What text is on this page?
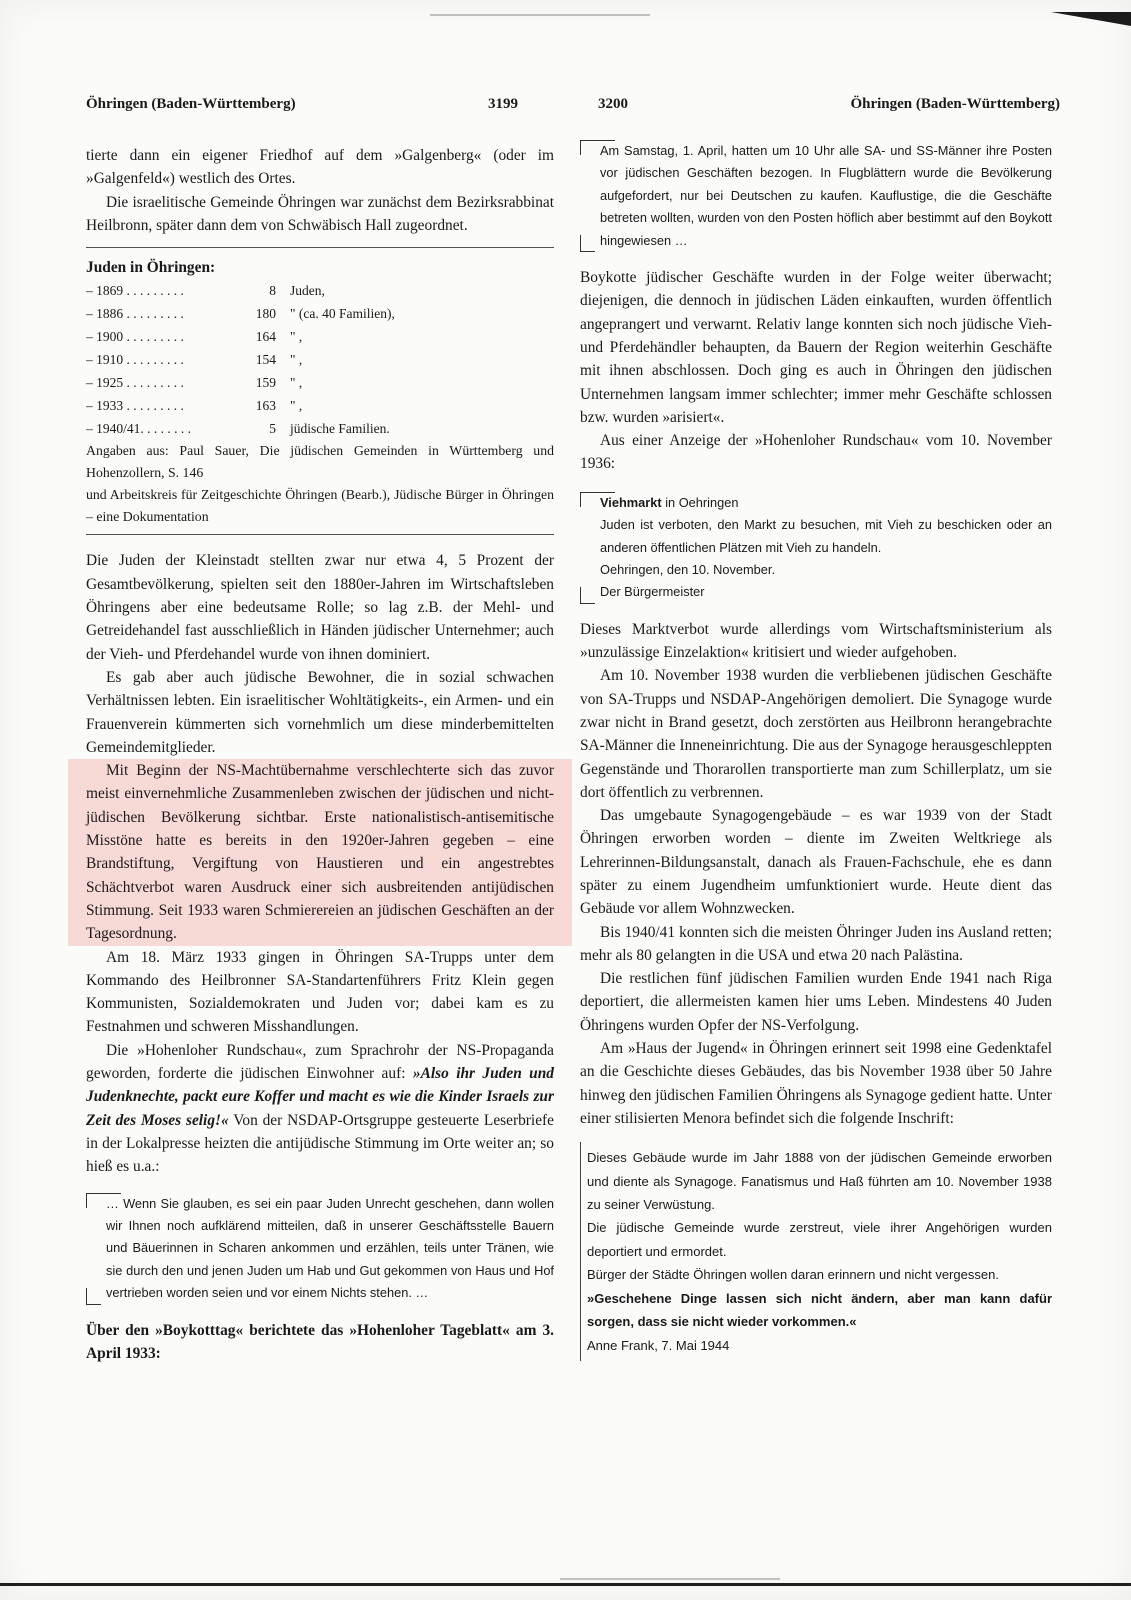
Öhringen (Baden-Württemberg)	3199	3200	Öhringen (Baden-Württemberg)

tierte dann ein eigener Friedhof auf dem »Galgenberg« (oder im »Galgenfeld«) westlich des Ortes.

Die israelitische Gemeinde Öhringen war zunächst dem Bezirksrabbinat Heilbronn, später dann dem von Schwäbisch Hall zugeordnet.

Juden in Öhringen:

– 1869 . . . . . . . . .	8	Juden,
– 1886 . . . . . . . . .	180	" (ca. 40 Familien),
– 1900 . . . . . . . . .	164	" ,
– 1910 . . . . . . . . .	154	" ,
– 1925 . . . . . . . . .	159	" ,
– 1933 . . . . . . . . .	163	" ,
– 1940/41. . . . . . . .	5	jüdische Familien.

Angaben aus: Paul Sauer, Die jüdischen Gemeinden in Württemberg und Hohenzollern, S. 146

und Arbeitskreis für Zeitgeschichte Öhringen (Bearb.), Jüdische Bürger in Öhringen – eine Dokumentation

Die Juden der Kleinstadt stellten zwar nur etwa 4, 5 Prozent der Gesamtbevölkerung, spielten seit den 1880er-Jahren im Wirtschaftsleben Öhringens aber eine bedeutsame Rolle; so lag z.B. der Mehl- und Getreidehandel fast ausschließlich in Händen jüdischer Unternehmer; auch der Vieh- und Pferdehandel wurde von ihnen dominiert.

Es gab aber auch jüdische Bewohner, die in sozial schwachen Verhältnissen lebten. Ein israelitischer Wohltätigkeits-, ein Armen- und ein Frauenverein kümmerten sich vornehmlich um diese minderbemittelten Gemeindemitglieder.

Mit Beginn der NS-Machtübernahme verschlechterte sich das zuvor meist einvernehmliche Zusammenleben zwischen der jüdischen und nicht-jüdischen Bevölkerung sichtbar. Erste nationalistisch-antisemitische Misstöne hatte es bereits in den 1920er-Jahren gegeben – eine Brandstiftung, Vergiftung von Haustieren und ein angestrebtes Schächtverbot waren Ausdruck einer sich ausbreitenden antijüdischen Stimmung. Seit 1933 waren Schmierereien an jüdischen Geschäften an der Tagesordnung.

Am 18. März 1933 gingen in Öhringen SA-Trupps unter dem Kommando des Heilbronner SA-Standartenführers Fritz Klein gegen Kommunisten, Sozialdemokraten und Juden vor; dabei kam es zu Festnahmen und schweren Misshandlungen.

Die »Hohenloher Rundschau«, zum Sprachrohr der NS-Propaganda geworden, forderte die jüdischen Einwohner auf: »Also ihr Juden und Judenknechte, packt eure Koffer und macht es wie die Kinder Israels zur Zeit des Moses selig!« Von der NSDAP-Ortsgruppe gesteuerte Leserbriefe in der Lokalpresse heizten die antijüdische Stimmung im Orte weiter an; so hieß es u.a.:

… Wenn Sie glauben, es sei ein paar Juden Unrecht geschehen, dann wollen wir Ihnen noch aufklärend mitteilen, daß in unserer Geschäftsstelle Bauern und Bäuerinnen in Scharen ankommen und erzählen, teils unter Tränen, wie sie durch den und jenen Juden um Hab und Gut gekommen von Haus und Hof vertrieben worden seien und vor einem Nichts stehen. …

Über den »Boykotttag« berichtete das »Hohenloher Tageblatt« am 3. April 1933:

Am Samstag, 1. April, hatten um 10 Uhr alle SA- und SS-Männer ihre Posten vor jüdischen Geschäften bezogen. In Flugblättern wurde die Bevölkerung aufgefordert, nur bei Deutschen zu kaufen. Kauflustige, die die Geschäfte betreten wollten, wurden von den Posten höflich aber bestimmt auf den Boykott hingewiesen …

Boykotte jüdischer Geschäfte wurden in der Folge weiter überwacht; diejenigen, die dennoch in jüdischen Läden einkauften, wurden öffentlich angeprangert und verwarnt. Relativ lange konnten sich noch jüdische Vieh- und Pferdehändler behaupten, da Bauern der Region weiterhin Geschäfte mit ihnen abschlossen. Doch ging es auch in Öhringen den jüdischen Unternehmen langsam immer schlechter; immer mehr Geschäfte schlossen bzw. wurden »arisiert«.

Aus einer Anzeige der »Hohenloher Rundschau« vom 10. November 1936:

Viehmarkt in Oehringen

Juden ist verboten, den Markt zu besuchen, mit Vieh zu beschicken oder an anderen öffentlichen Plätzen mit Vieh zu handeln.

Oehringen, den 10. November.

Der Bürgermeister

Dieses Marktverbot wurde allerdings vom Wirtschaftsministerium als »unzulässige Einzelaktion« kritisiert und wieder aufgehoben.

Am 10. November 1938 wurden die verbliebenen jüdischen Geschäfte von SA-Trupps und NSDAP-Angehörigen demoliert. Die Synagoge wurde zwar nicht in Brand gesetzt, doch zerstörten aus Heilbronn herangebrachte SA-Männer die Inneneinrichtung. Die aus der Synagoge herausgeschleppten Gegenstände und Thorarollen transportierte man zum Schillerplatz, um sie dort öffentlich zu verbrennen.

Das umgebaute Synagogengebäude – es war 1939 von der Stadt Öhringen erworben worden – diente im Zweiten Weltkriege als Lehrerinnen-Bildungsanstalt, danach als Frauen-Fachschule, ehe es dann später zu einem Jugendheim umfunktioniert wurde. Heute dient das Gebäude vor allem Wohnzwecken.

Bis 1940/41 konnten sich die meisten Öhringer Juden ins Ausland retten; mehr als 80 gelangten in die USA und etwa 20 nach Palästina.

Die restlichen fünf jüdischen Familien wurden Ende 1941 nach Riga deportiert, die allermeisten kamen hier ums Leben. Mindestens 40 Juden Öhringens wurden Opfer der NS-Verfolgung.

Am »Haus der Jugend« in Öhringen erinnert seit 1998 eine Gedenktafel an die Geschichte dieses Gebäudes, das bis November 1938 über 50 Jahre hinweg den jüdischen Familien Öhringens als Synagoge gedient hatte. Unter einer stilisierten Menora befindet sich die folgende Inschrift:

Dieses Gebäude wurde im Jahr 1888 von der jüdischen Gemeinde erworben und diente als Synagoge. Fanatismus und Haß führten am 10. November 1938 zu seiner Verwüstung.

Die jüdische Gemeinde wurde zerstreut, viele ihrer Angehörigen wurden deportiert und ermordet.

Bürger der Städte Öhringen wollen daran erinnern und nicht vergessen.

»Geschehene Dinge lassen sich nicht ändern, aber man kann dafür sorgen, dass sie nicht wieder vorkommen.«

Anne Frank, 7. Mai 1944
